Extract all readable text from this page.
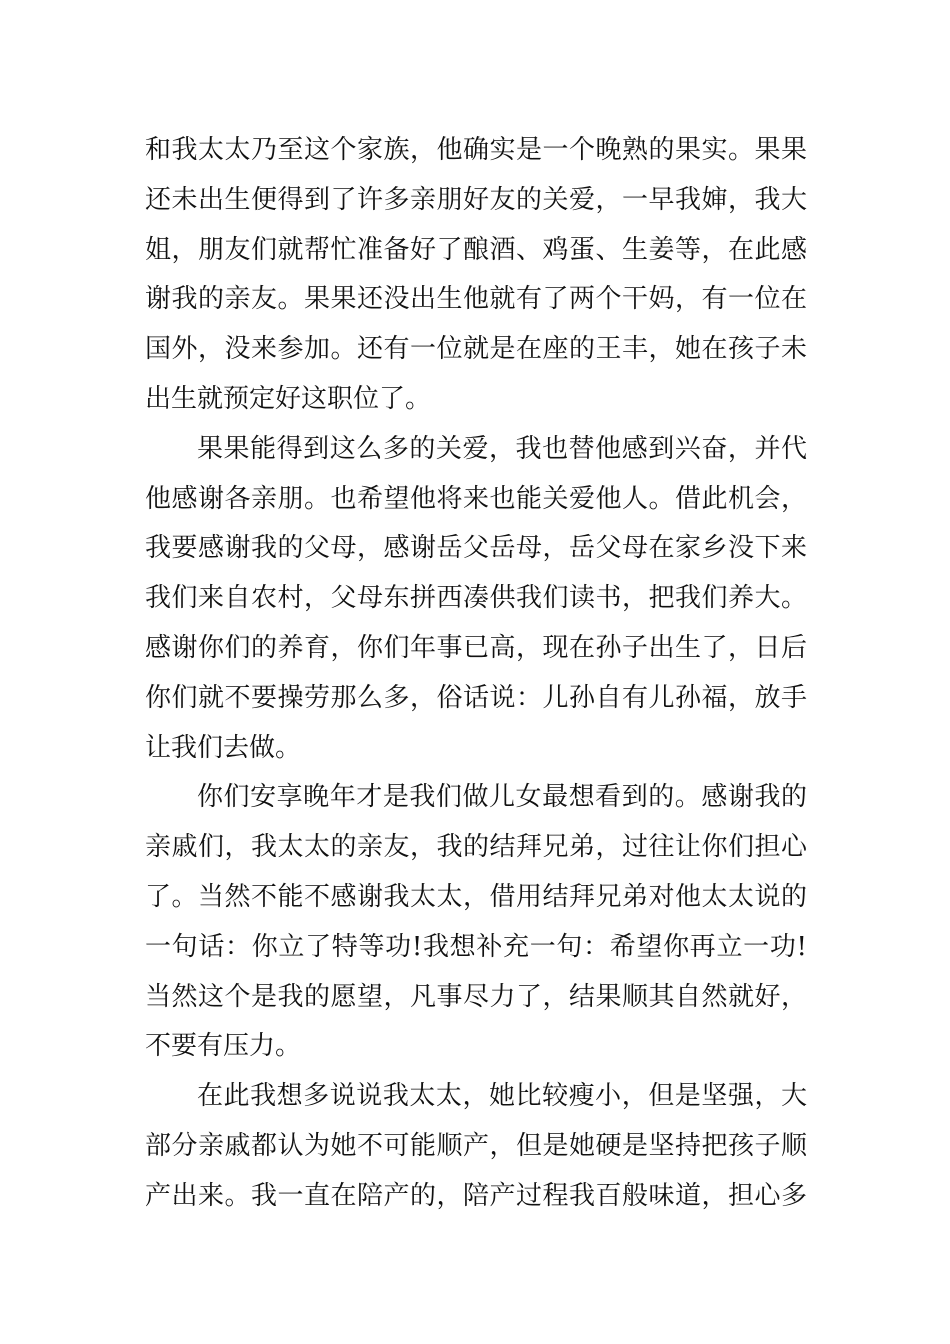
和我太太乃至这个家族，他确实是一个晚熟的果实。果果
还未出生便得到了许多亲朋好友的关爱，一早我婶，我大
姐，朋友们就帮忙准备好了酿酒、鸡蛋、生姜等，在此感
谢我的亲友。果果还没出生他就有了两个干妈，有一位在
国外，没来参加。还有一位就是在座的王丰，她在孩子未
出生就预定好这职位了。
果果能得到这么多的关爱，我也替他感到兴奋，并代
他感谢各亲朋。也希望他将来也能关爱他人。借此机会，
我要感谢我的父母，感谢岳父岳母，岳父母在家乡没下来
我们来自农村，父母东拼西凑供我们读书，把我们养大。
感谢你们的养育，你们年事已高，现在孙子出生了，日后
你们就不要操劳那么多，俗话说：儿孙自有儿孙福，放手
让我们去做。
你们安享晚年才是我们做儿女最想看到的。感谢我的
亲戚们，我太太的亲友，我的结拜兄弟，过往让你们担心
了。当然不能不感谢我太太，借用结拜兄弟对他太太说的
一句话：你立了特等功!我想补充一句：希望你再立一功!
当然这个是我的愿望，凡事尽力了，结果顺其自然就好，
不要有压力。
在此我想多说说我太太，她比较瘦小，但是坚强，大
部分亲戚都认为她不可能顺产，但是她硬是坚持把孩子顺
产出来。我一直在陪产的，陪产过程我百般味道，担心多
